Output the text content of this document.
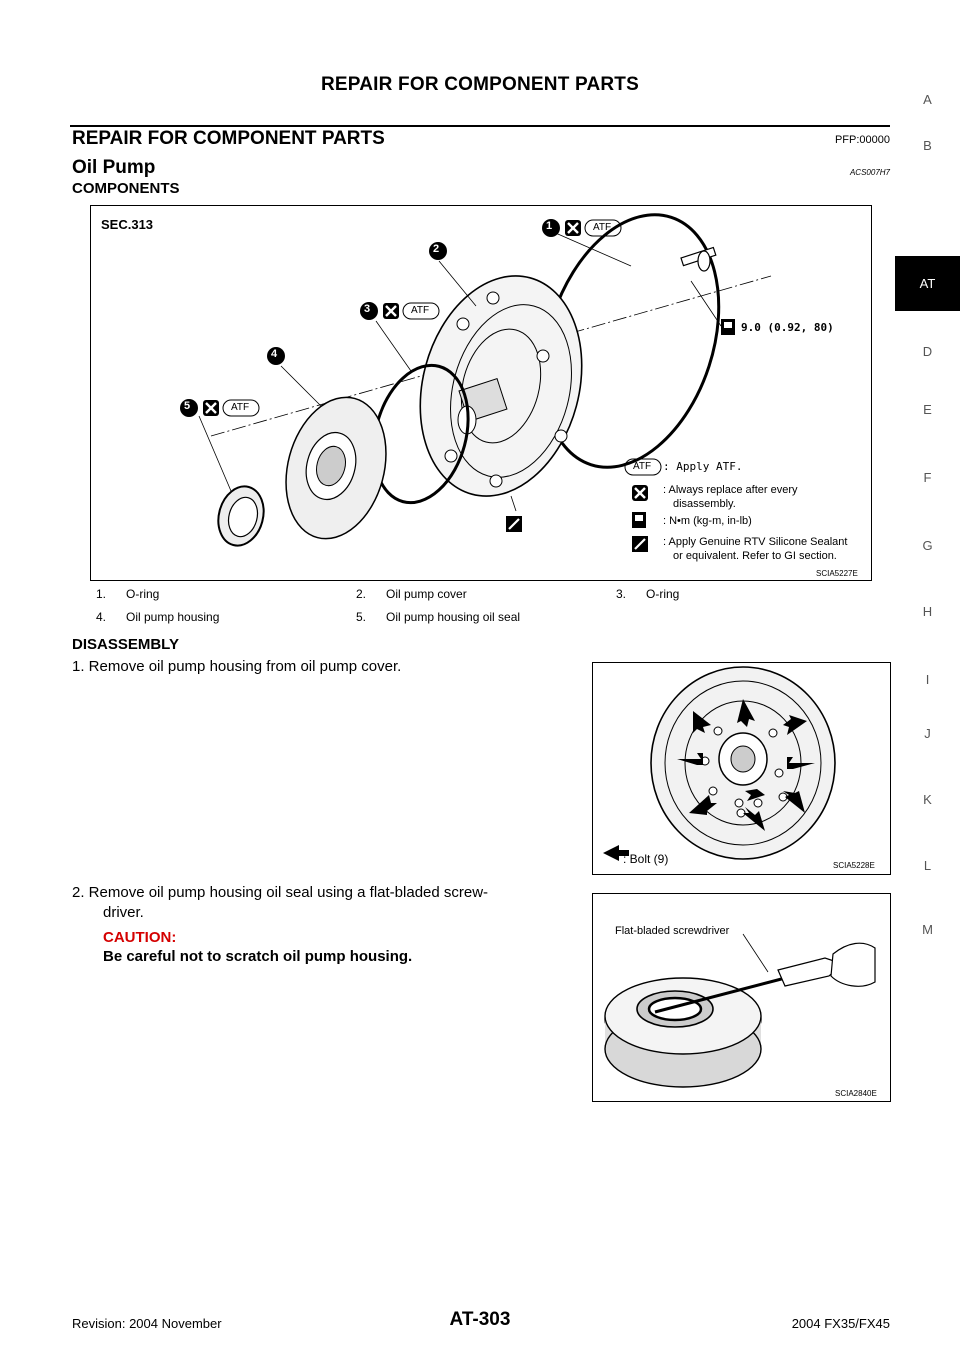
REPAIR FOR COMPONENT PARTS
REPAIR FOR COMPONENT PARTS	PFP:00000
Oil Pump	ACS007H7
COMPONENTS
A
B
AT
D
E
F
G
H
I
J
K
L
M
SEC.313	1
2
3
4
5
ATF
ATF
ATF
ATF
9.0 (0.92, 80)
: Apply ATF.
: Always replace after every
disassembly.
: N•m (kg-m, in-lb)
: Apply Genuine RTV Silicone Sealant
or equivalent. Refer to GI section.
SCIA5227E
1. O-ring	2. Oil pump cover	3. O-ring
4. Oil pump housing	5. Oil pump housing oil seal
DISASSEMBLY
1. Remove oil pump housing from oil pump cover.
: Bolt (9)	SCIA5228E
2. Remove oil pump housing oil seal using a flat-bladed screw-
driver.
CAUTION:
Be careful not to scratch oil pump housing.
Flat-bladed screwdriver
SCIA2840E
Revision: 2004 November	AT-303	2004 FX35/FX45
